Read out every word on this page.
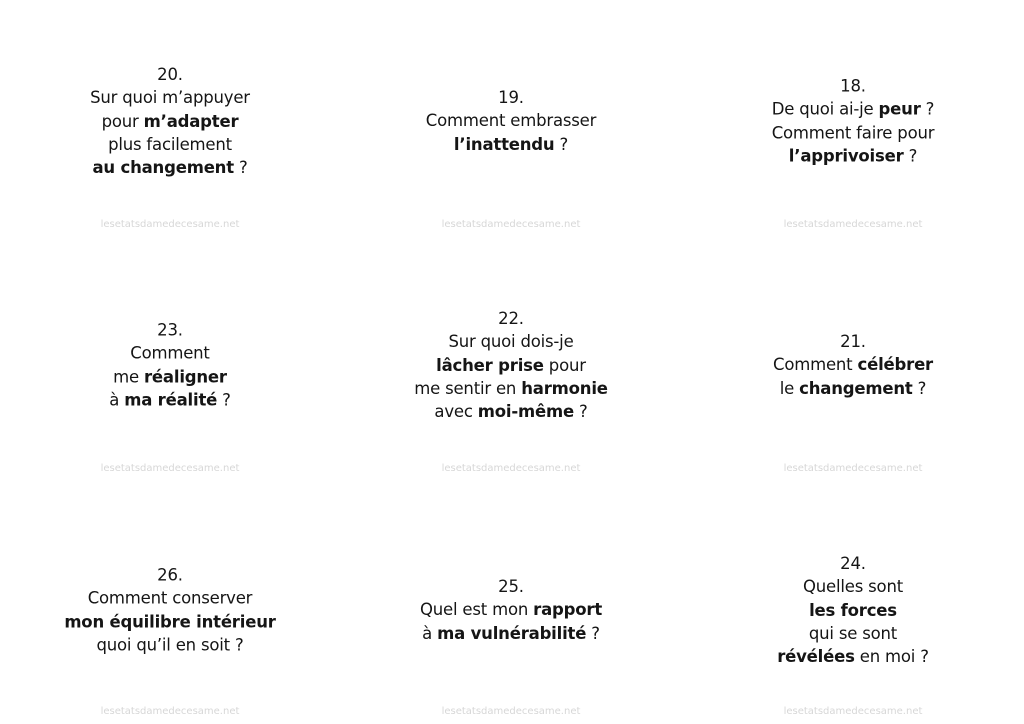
20.
Sur quoi m’appuyer
pour m’adapter
plus facilement
au changement ?
lesetatsdamedecesame.net
19.
Comment embrasser
l’inattendu ?
lesetatsdamedecesame.net
18.
De quoi ai-je peur ?
Comment faire pour
l’apprivoiser ?
lesetatsdamedecesame.net
23.
Comment
me réaligner
à ma réalité ?
lesetatsdamedecesame.net
22.
Sur quoi dois-je
lâcher prise pour
me sentir en harmonie
avec moi-même ?
lesetatsdamedecesame.net
21.
Comment célébrer
le changement ?
lesetatsdamedecesame.net
26.
Comment conserver
mon équilibre intérieur
quoi qu’il en soit ?
lesetatsdamedecesame.net
25.
Quel est mon rapport
à ma vulnérabilité ?
lesetatsdamedecesame.net
24.
Quelles sont
les forces
qui se sont
révélées en moi ?
lesetatsdamedecesame.net
